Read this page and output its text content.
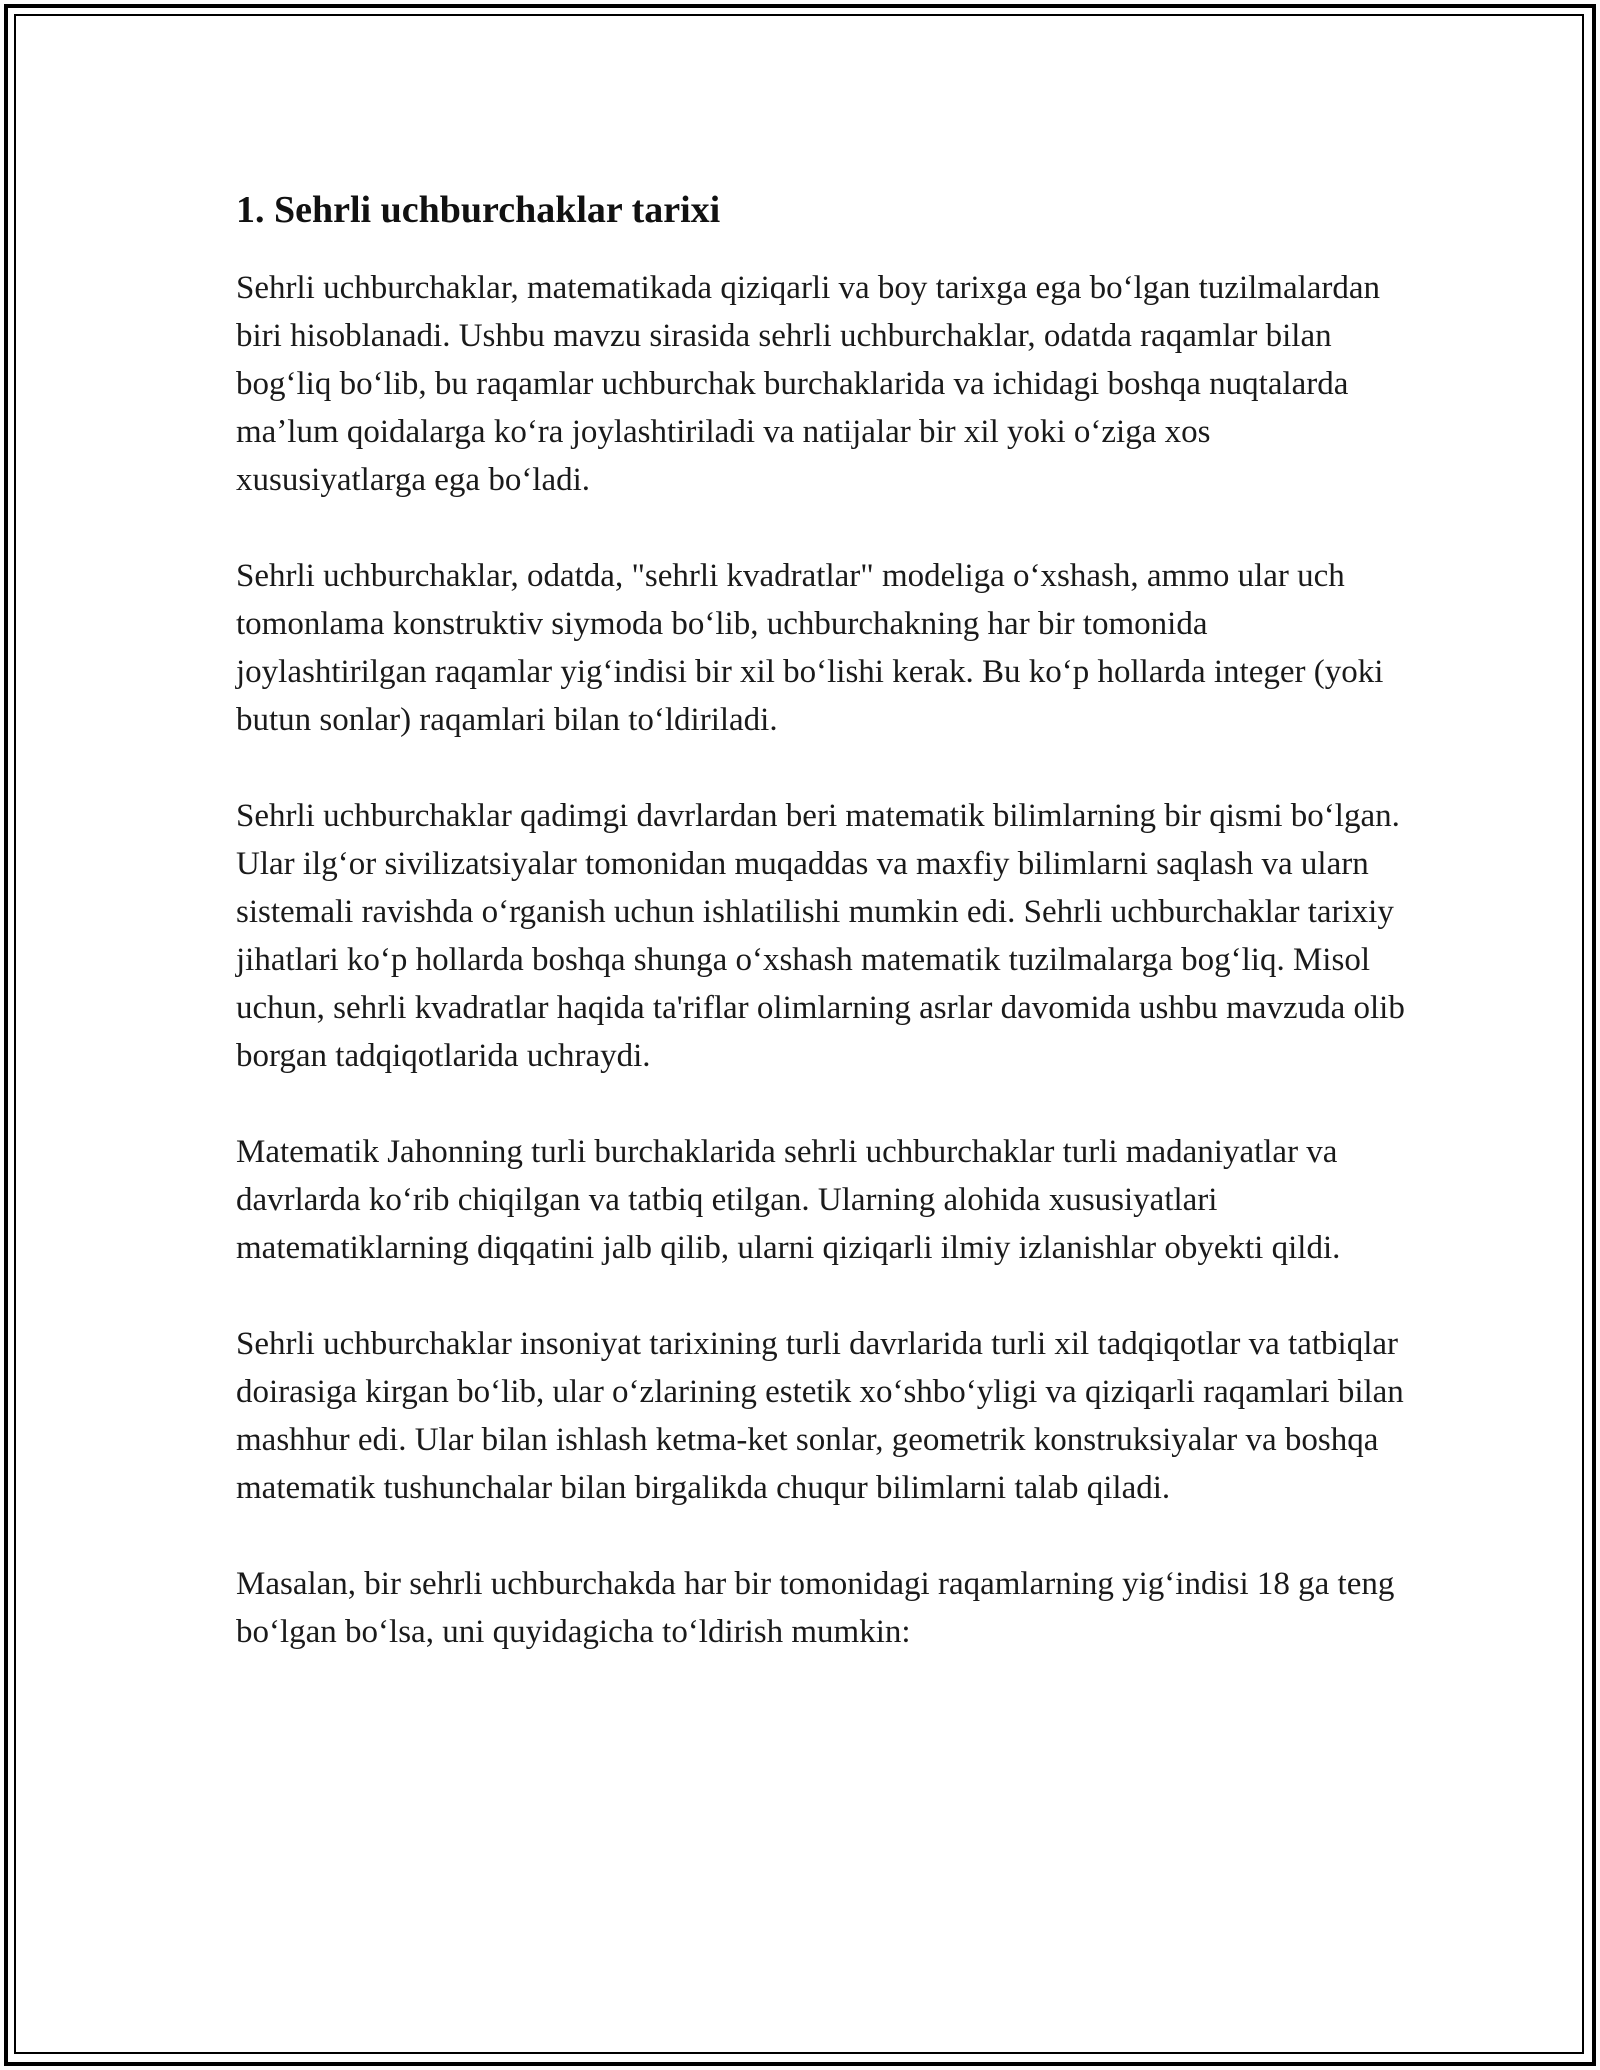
1. Sehrli uchburchaklar tarixi

Sehrli uchburchaklar, matematikada qiziqarli va boy tarixga ega boʻlgan tuzilmalardan biri hisoblanadi. Ushbu mavzu sirasida sehrli uchburchaklar, odatda raqamlar bilan bogʻliq boʻlib, bu raqamlar uchburchak burchaklarida va ichidagi boshqa nuqtalarda maʼlum qoidalarga koʻra joylashtiriladi va natijalar bir xil yoki oʻziga xos xususiyatlarga ega boʻladi.

Sehrli uchburchaklar, odatda, "sehrli kvadratlar" modeliga oʻxshash, ammo ular uch tomonlama konstruktiv siymoda boʻlib, uchburchakning har bir tomonida joylashtirilgan raqamlar yigʻindisi bir xil boʻlishi kerak. Bu koʻp hollarda integer (yoki butun sonlar) raqamlari bilan toʻldiriladi.

Sehrli uchburchaklar qadimgi davrlardan beri matematik bilimlarning bir qismi boʻlgan. Ular ilgʻor sivilizatsiyalar tomonidan muqaddas va maxfiy bilimlarni saqlash va ularn sistemali ravishda oʻrganish uchun ishlatilishi mumkin edi. Sehrli uchburchaklar tarixiy jihatlari koʻp hollarda boshqa shunga oʻxshash matematik tuzilmalarga bogʻliq. Misol uchun, sehrli kvadratlar haqida ta'riflar olimlarning asrlar davomida ushbu mavzuda olib borgan tadqiqotlarida uchraydi.

Matematik Jahonning turli burchaklarida sehrli uchburchaklar turli madaniyatlar va davrlarda koʻrib chiqilgan va tatbiq etilgan. Ularning alohida xususiyatlari matematiklarning diqqatini jalb qilib, ularni qiziqarli ilmiy izlanishlar obyekti qildi.

Sehrli uchburchaklar insoniyat tarixining turli davrlarida turli xil tadqiqotlar va tatbiqlar doirasiga kirgan boʻlib, ular oʻzlarining estetik xoʻshboʻyligi va qiziqarli raqamlari bilan mashhur edi. Ular bilan ishlash ketma-ket sonlar, geometrik konstruksiyalar va boshqa matematik tushunchalar bilan birgalikda chuqur bilimlarni talab qiladi.

Masalan, bir sehrli uchburchakda har bir tomonidagi raqamlarning yigʻindisi 18 ga teng boʻlgan boʻlsa, uni quyidagicha toʻldirish mumkin:
